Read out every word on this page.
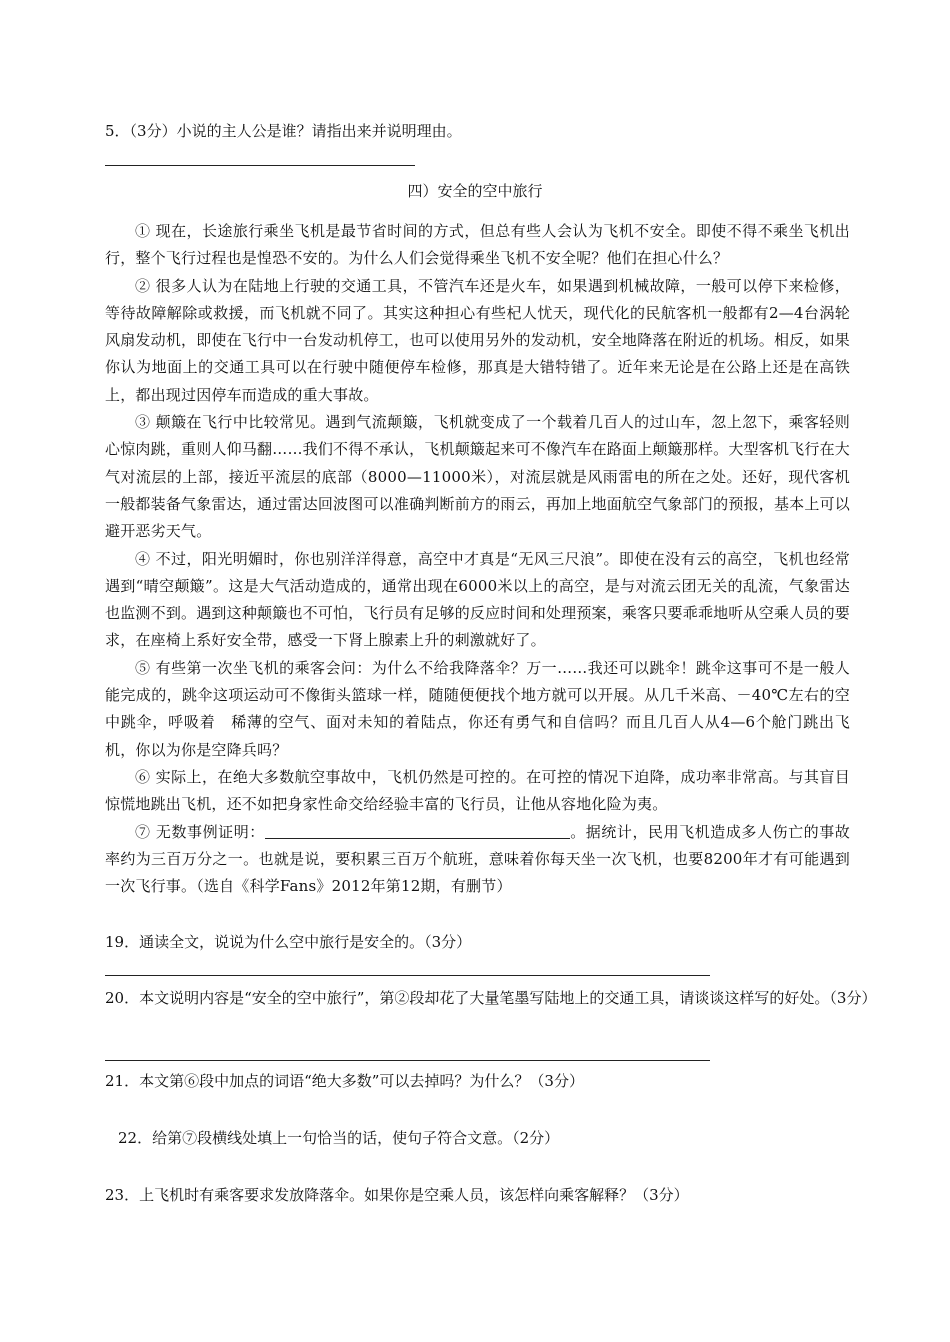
5．（3分）小说的主人公是谁？请指出来并说明理由。
四）安全的空中旅行

① 现在，长途旅行乘坐飞机是最节省时间的方式，但总有些人会认为飞机不安全。即使不得不乘坐飞机出行，整个飞行过程也是惶恐不安的。为什么人们会觉得乘坐飞机不安全呢？他们在担心什么？

② 很多人认为在陆地上行驶的交通工具，不管汽车还是火车，如果遇到机械故障，一般可以停下来检修，等待故障解除或救援，而飞机就不同了。其实这种担心有些杞人忧天，现代化的民航客机一般都有2—4台涡轮风扇发动机，即使在飞行中一台发动机停工，也可以使用另外的发动机，安全地降落在附近的机场。相反，如果你认为地面上的交通工具可以在行驶中随便停车检修，那真是大错特错了。近年来无论是在公路上还是在高铁上，都出现过因停车而造成的重大事故。

③ 颠簸在飞行中比较常见。遇到气流颠簸，飞机就变成了一个载着几百人的过山车，忽上忽下，乘客轻则心惊肉跳，重则人仰马翻……我们不得不承认，飞机颠簸起来可不像汽车在路面上颠簸那样。大型客机飞行在大气对流层的上部，接近平流层的底部（8000—11000米），对流层就是风雨雷电的所在之处。还好，现代客机一般都装备气象雷达，通过雷达回波图可以准确判断前方的雨云，再加上地面航空气象部门的预报，基本上可以避开恶劣天气。

④ 不过，阳光明媚时，你也别洋洋得意，高空中才真是“无风三尺浪”。即使在没有云的高空，飞机也经常遇到“晴空颠簸”。这是大气活动造成的，通常出现在6000米以上的高空，是与对流云团无关的乱流，气象雷达也监测不到。遇到这种颠簸也不可怕，飞行员有足够的反应时间和处理预案，乘客只要乖乖地听从空乘人员的要求，在座椅上系好安全带，感受一下肾上腺素上升的刺激就好了。

⑤ 有些第一次坐飞机的乘客会问：为什么不给我降落伞？万一……我还可以跳伞！跳伞这事可不是一般人能完成的，跳伞这项运动可不像街头篮球一样，随随便便找个地方就可以开展。从几千米高、－40℃左右的空中跳伞，呼吸着　稀薄的空气、面对未知的着陆点，你还有勇气和自信吗？而且几百人从4—6个舱门跳出飞机，你以为你是空降兵吗？

⑥ 实际上，在绝大多数航空事故中，飞机仍然是可控的。在可控的情况下迫降，成功率非常高。与其盲目惊慌地跳出飞机，还不如把身家性命交给经验丰富的飞行员，让他从容地化险为夷。

⑦ 无数事例证明：	。据统计，民用飞机造成多人伤亡的事故率约为三百万分之一。也就是说，要积累三百万个航班，意味着你每天坐一次飞机，也要8200年才有可能遇到一次飞行事。（选自《科学Fans》2012年第12期，有删节）

19．通读全文，说说为什么空中旅行是安全的。（3分）
20．本文说明内容是“安全的空中旅行”，第②段却花了大量笔墨写陆地上的交通工具，请谈谈这样写的好处。（3分）
21．本文第⑥段中加点的词语“绝大多数”可以去掉吗？为什么？（3分）
22．给第⑦段横线处填上一句恰当的话，使句子符合文意。（2分）
23．上飞机时有乘客要求发放降落伞。如果你是空乘人员，该怎样向乘客解释？（3分）
